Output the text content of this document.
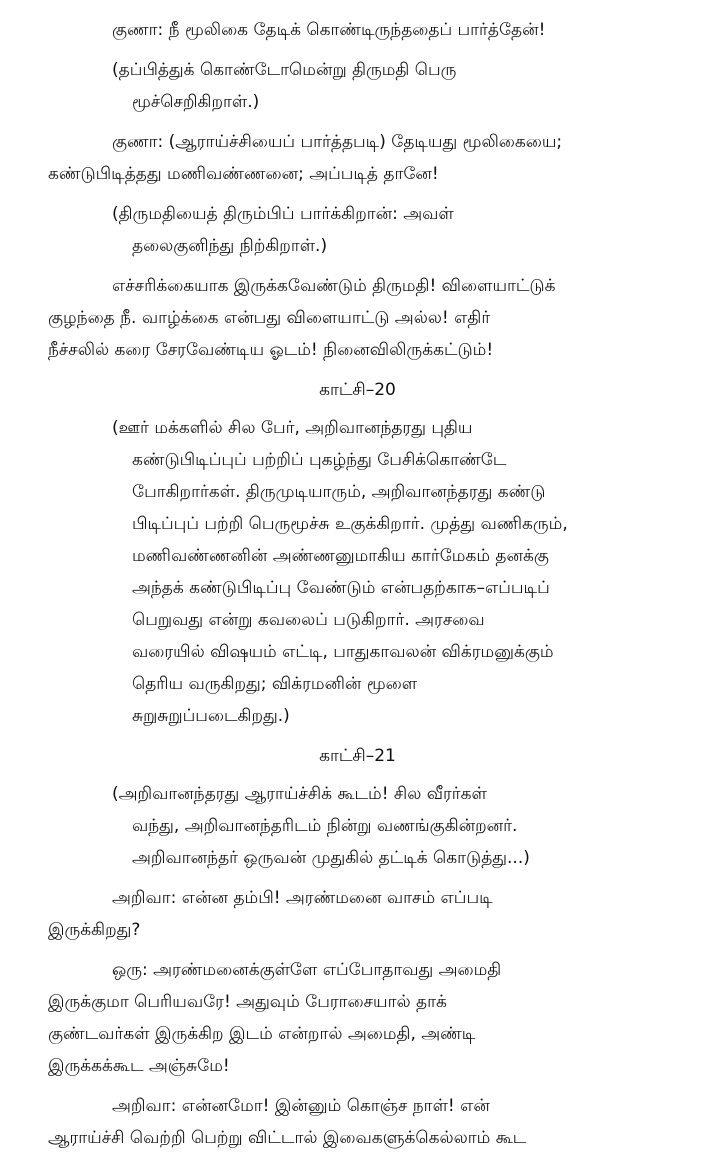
குணா: நீ மூலிகை தேடிக் கொண்டிருந்ததைப் பார்த்தேன்!
(தப்பித்துக் கொண்டோமென்று திருமதி பெரு
மூச்செறிகிறாள்.)
குணா: (ஆராய்ச்சியைப் பார்த்தபடி) தேடியது மூலிகையை;
கண்டுபிடித்தது மணிவண்ணனை; அப்படித் தானே!
(திருமதியைத் திரும்பிப் பார்க்கிறான்: அவள்
தலைகுனிந்து நிற்கிறாள்.)
எச்சரிக்கையாக இருக்கவேண்டும் திருமதி! விளையாட்டுக்
குழந்தை நீ. வாழ்க்கை என்பது விளையாட்டு அல்ல! எதிர்
நீச்சலில் கரை சேரவேண்டிய ஓடம்! நினைவிலிருக்கட்டும்!
காட்சி–20
(ஊர் மக்களில் சில பேர், அறிவானந்தரது புதிய
கண்டுபிடிப்புப் பற்றிப் புகழ்ந்து பேசிக்கொண்டே
போகிறார்கள். திருமுடியாரும், அறிவானந்தரது கண்டு
பிடிப்புப் பற்றி பெருமூச்சு உகுக்கிறார். முத்து வணிகரும்,
மணிவண்ணனின் அண்ணனுமாகிய கார்மேகம் தனக்கு
அந்தக் கண்டுபிடிப்பு வேண்டும் என்பதற்காக–எப்படிப்
பெறுவது என்று கவலைப் படுகிறார். அரசவை
வரையில் விஷயம் எட்டி, பாதுகாவலன் விக்ரமனுக்கும்
தெரிய வருகிறது; விக்ரமனின் மூளை
சுறுசுறுப்படைகிறது.)
காட்சி–21
(அறிவானந்தரது ஆராய்ச்சிக் கூடம்! சில வீரர்கள்
வந்து, அறிவானந்தரிடம் நின்று வணங்குகின்றனர்.
அறிவானந்தர் ஒருவன் முதுகில் தட்டிக் கொடுத்து...)
அறிவா: என்ன தம்பி! அரண்மனை வாசம் எப்படி
இருக்கிறது?
ஒரு: அரண்மனைக்குள்ளே எப்போதாவது அமைதி
இருக்குமா பெரியவரே! அதுவும் பேராசையால் தாக்
குண்டவர்கள் இருக்கிற இடம் என்றால் அமைதி, அண்டி
இருக்கக்கூட அஞ்சுமே!
அறிவா: என்னமோ! இன்னும் கொஞ்ச நாள்! என்
ஆராய்ச்சி வெற்றி பெற்று விட்டால் இவைகளுக்கெல்லாம் கூட
